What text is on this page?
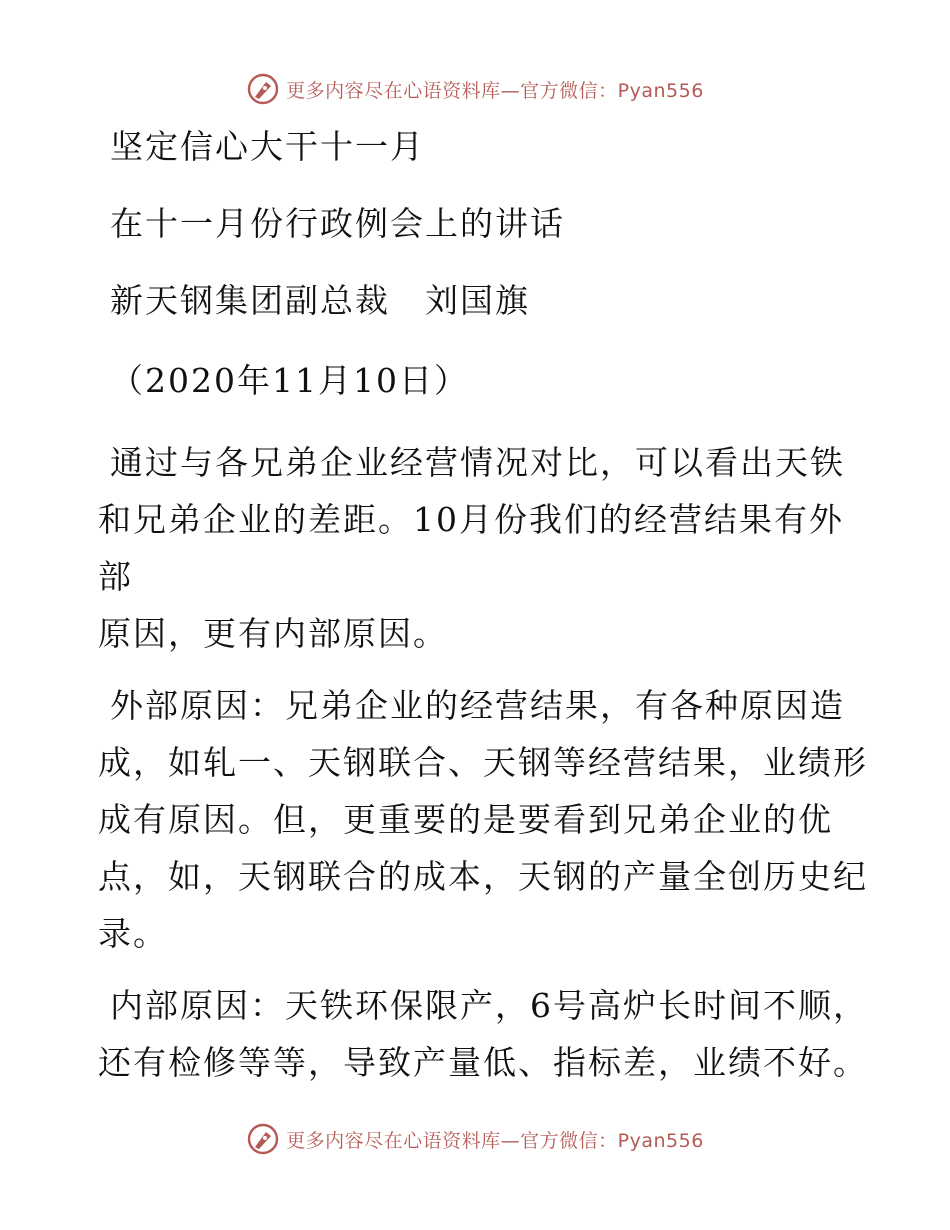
更多内容尽在心语资料库—官方微信：Pyan556
坚定信心大干十一月
在十一月份行政例会上的讲话
新天钢集团副总裁　刘国旗
（2020年11月10日）
通过与各兄弟企业经营情况对比，可以看出天铁
和兄弟企业的差距。10月份我们的经营结果有外部
原因，更有内部原因。
外部原因：兄弟企业的经营结果，有各种原因造
成，如轧一、天钢联合、天钢等经营结果，业绩形
成有原因。但，更重要的是要看到兄弟企业的优
点，如，天钢联合的成本，天钢的产量全创历史纪
录。
内部原因：天铁环保限产，6号高炉长时间不顺，
还有检修等等，导致产量低、指标差，业绩不好。
更多内容尽在心语资料库—官方微信：Pyan556
